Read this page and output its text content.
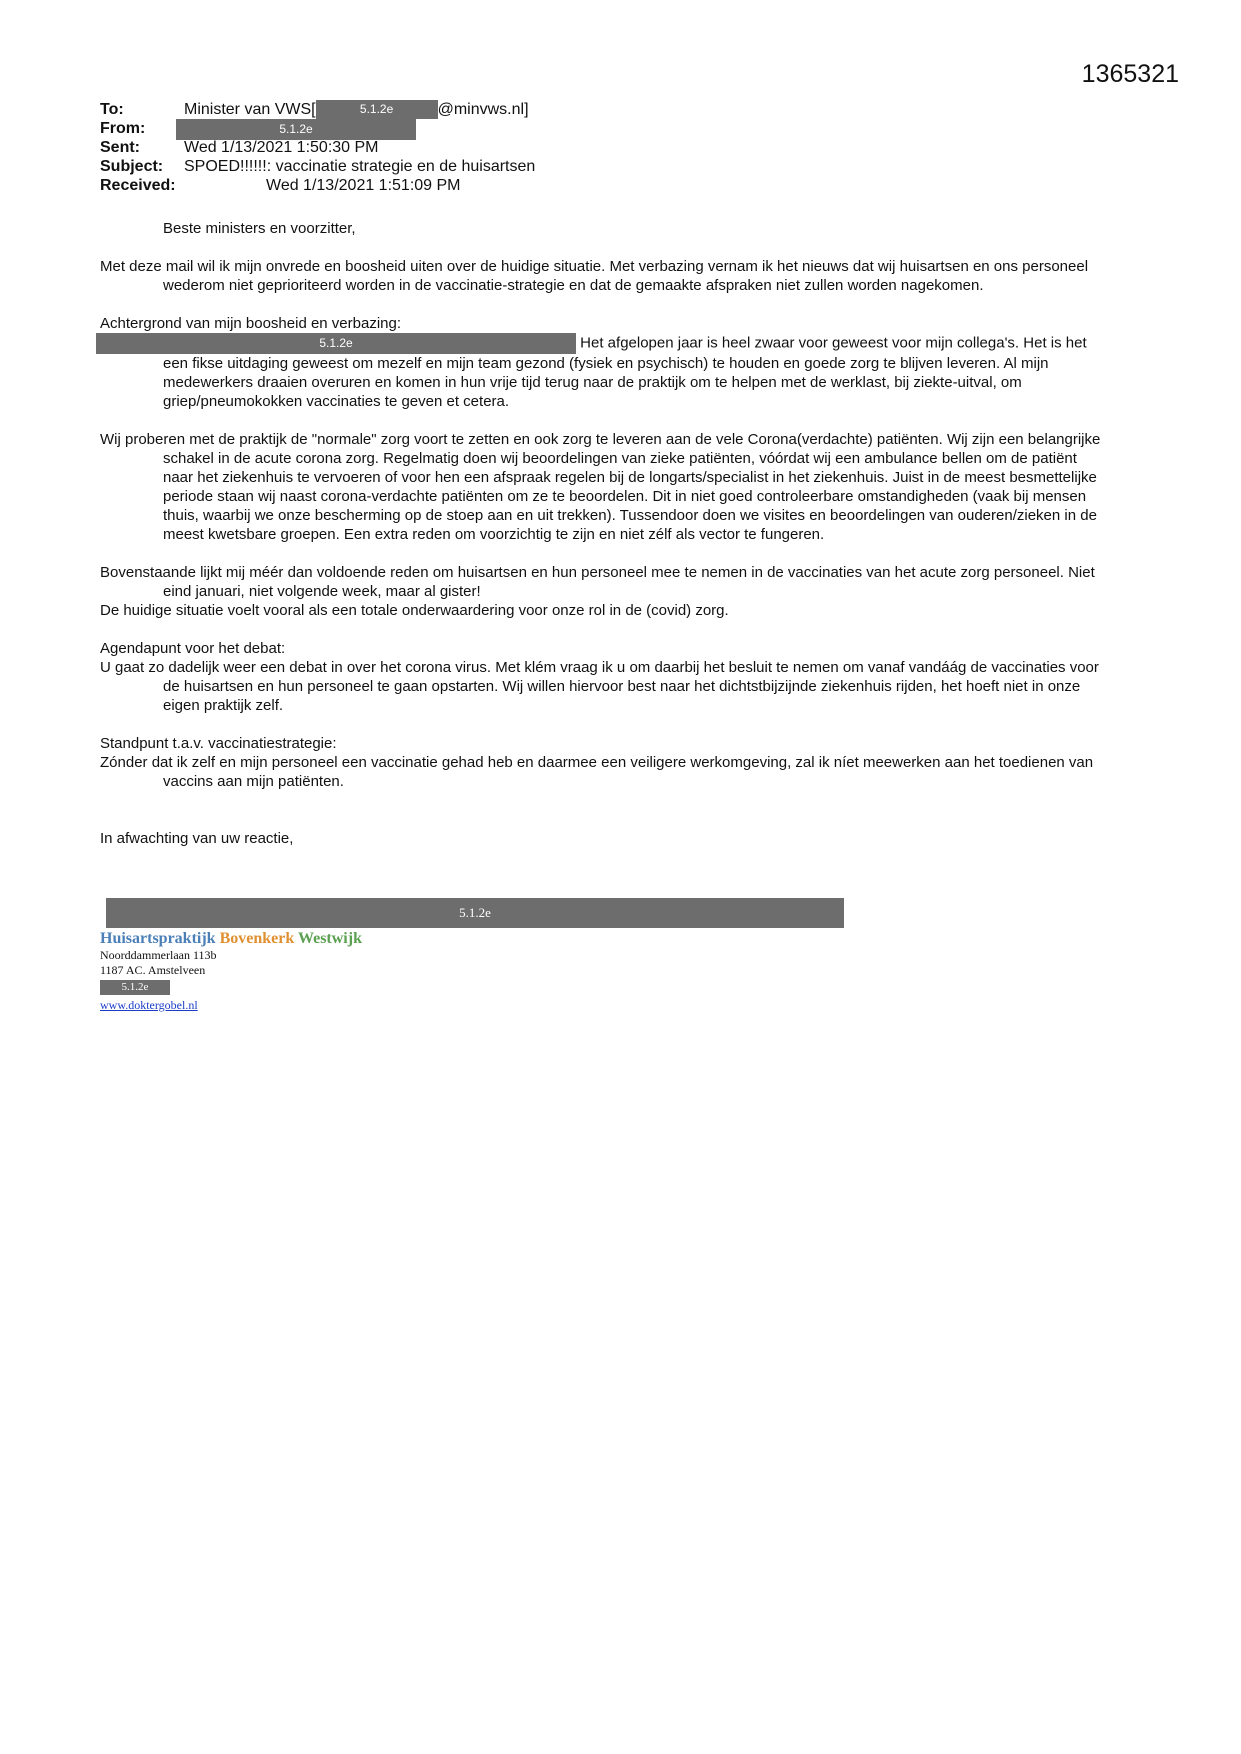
1365321
To:	Minister van VWS[	5.1.2e	@minvws.nl]
From:	5.1.2e
Sent:	Wed 1/13/2021 1:50:30 PM
Subject: SPOED!!!!!!: vaccinatie strategie en de huisartsen
Received:	Wed 1/13/2021 1:51:09 PM

Beste ministers en voorzitter,

Met deze mail wil ik mijn onvrede en boosheid uiten over de huidige situatie. Met verbazing vernam ik het nieuws dat wij huisartsen en ons personeel wederom niet geprioriteerd worden in de vaccinatie-strategie en dat de gemaakte afspraken niet zullen worden nagekomen.

Achtergrond van mijn boosheid en verbazing:

5.1.2e	Het afgelopen jaar is heel zwaar voor geweest voor mijn collega's. Het is het een fikse uitdaging geweest om mezelf en mijn team gezond (fysiek en psychisch) te houden en goede zorg te blijven leveren. Al mijn medewerkers draaien overuren en komen in hun vrije tijd terug naar de praktijk om te helpen met de werklast, bij ziekte-uitval, om griep/pneumokokken vaccinaties te geven et cetera.

Wij proberen met de praktijk de "normale" zorg voort te zetten en ook zorg te leveren aan de vele Corona(verdachte) patiënten. Wij zijn een belangrijke schakel in de acute corona zorg. Regelmatig doen wij beoordelingen van zieke patiënten, vóórdat wij een ambulance bellen om de patiënt naar het ziekenhuis te vervoeren of voor hen een afspraak regelen bij de longarts/specialist in het ziekenhuis. Juist in de meest besmettelijke periode staan wij naast corona-verdachte patiënten om ze te beoordelen. Dit in niet goed controleerbare omstandigheden (vaak bij mensen thuis, waarbij we onze bescherming op de stoep aan en uit trekken). Tussendoor doen we visites en beoordelingen van ouderen/zieken in de meest kwetsbare groepen. Een extra reden om voorzichtig te zijn en niet zélf als vector te fungeren.

Bovenstaande lijkt mij méér dan voldoende reden om huisartsen en hun personeel mee te nemen in de vaccinaties van het acute zorg personeel. Niet eind januari, niet volgende week, maar al gister!

De huidige situatie voelt vooral als een totale onderwaardering voor onze rol in de (covid) zorg.

Agendapunt voor het debat:

U gaat zo dadelijk weer een debat in over het corona virus. Met klém vraag ik u om daarbij het besluit te nemen om vanaf vandáág de vaccinaties voor de huisartsen en hun personeel te gaan opstarten. Wij willen hiervoor best naar het dichtstbijzijnde ziekenhuis rijden, het hoeft niet in onze eigen praktijk zelf.

Standpunt t.a.v. vaccinatiestrategie:

Zónder dat ik zelf en mijn personeel een vaccinatie gehad heb en daarmee een veiligere werkomgeving, zal ik níet meewerken aan het toedienen van vaccins aan mijn patiënten.

In afwachting van uw reactie,

5.1.2e
Huisartspraktijk Bovenkerk Westwijk
Noorddammerlaan 113b
1187 AC. Amstelveen
5.1.2e
www.doktergobel.nl
